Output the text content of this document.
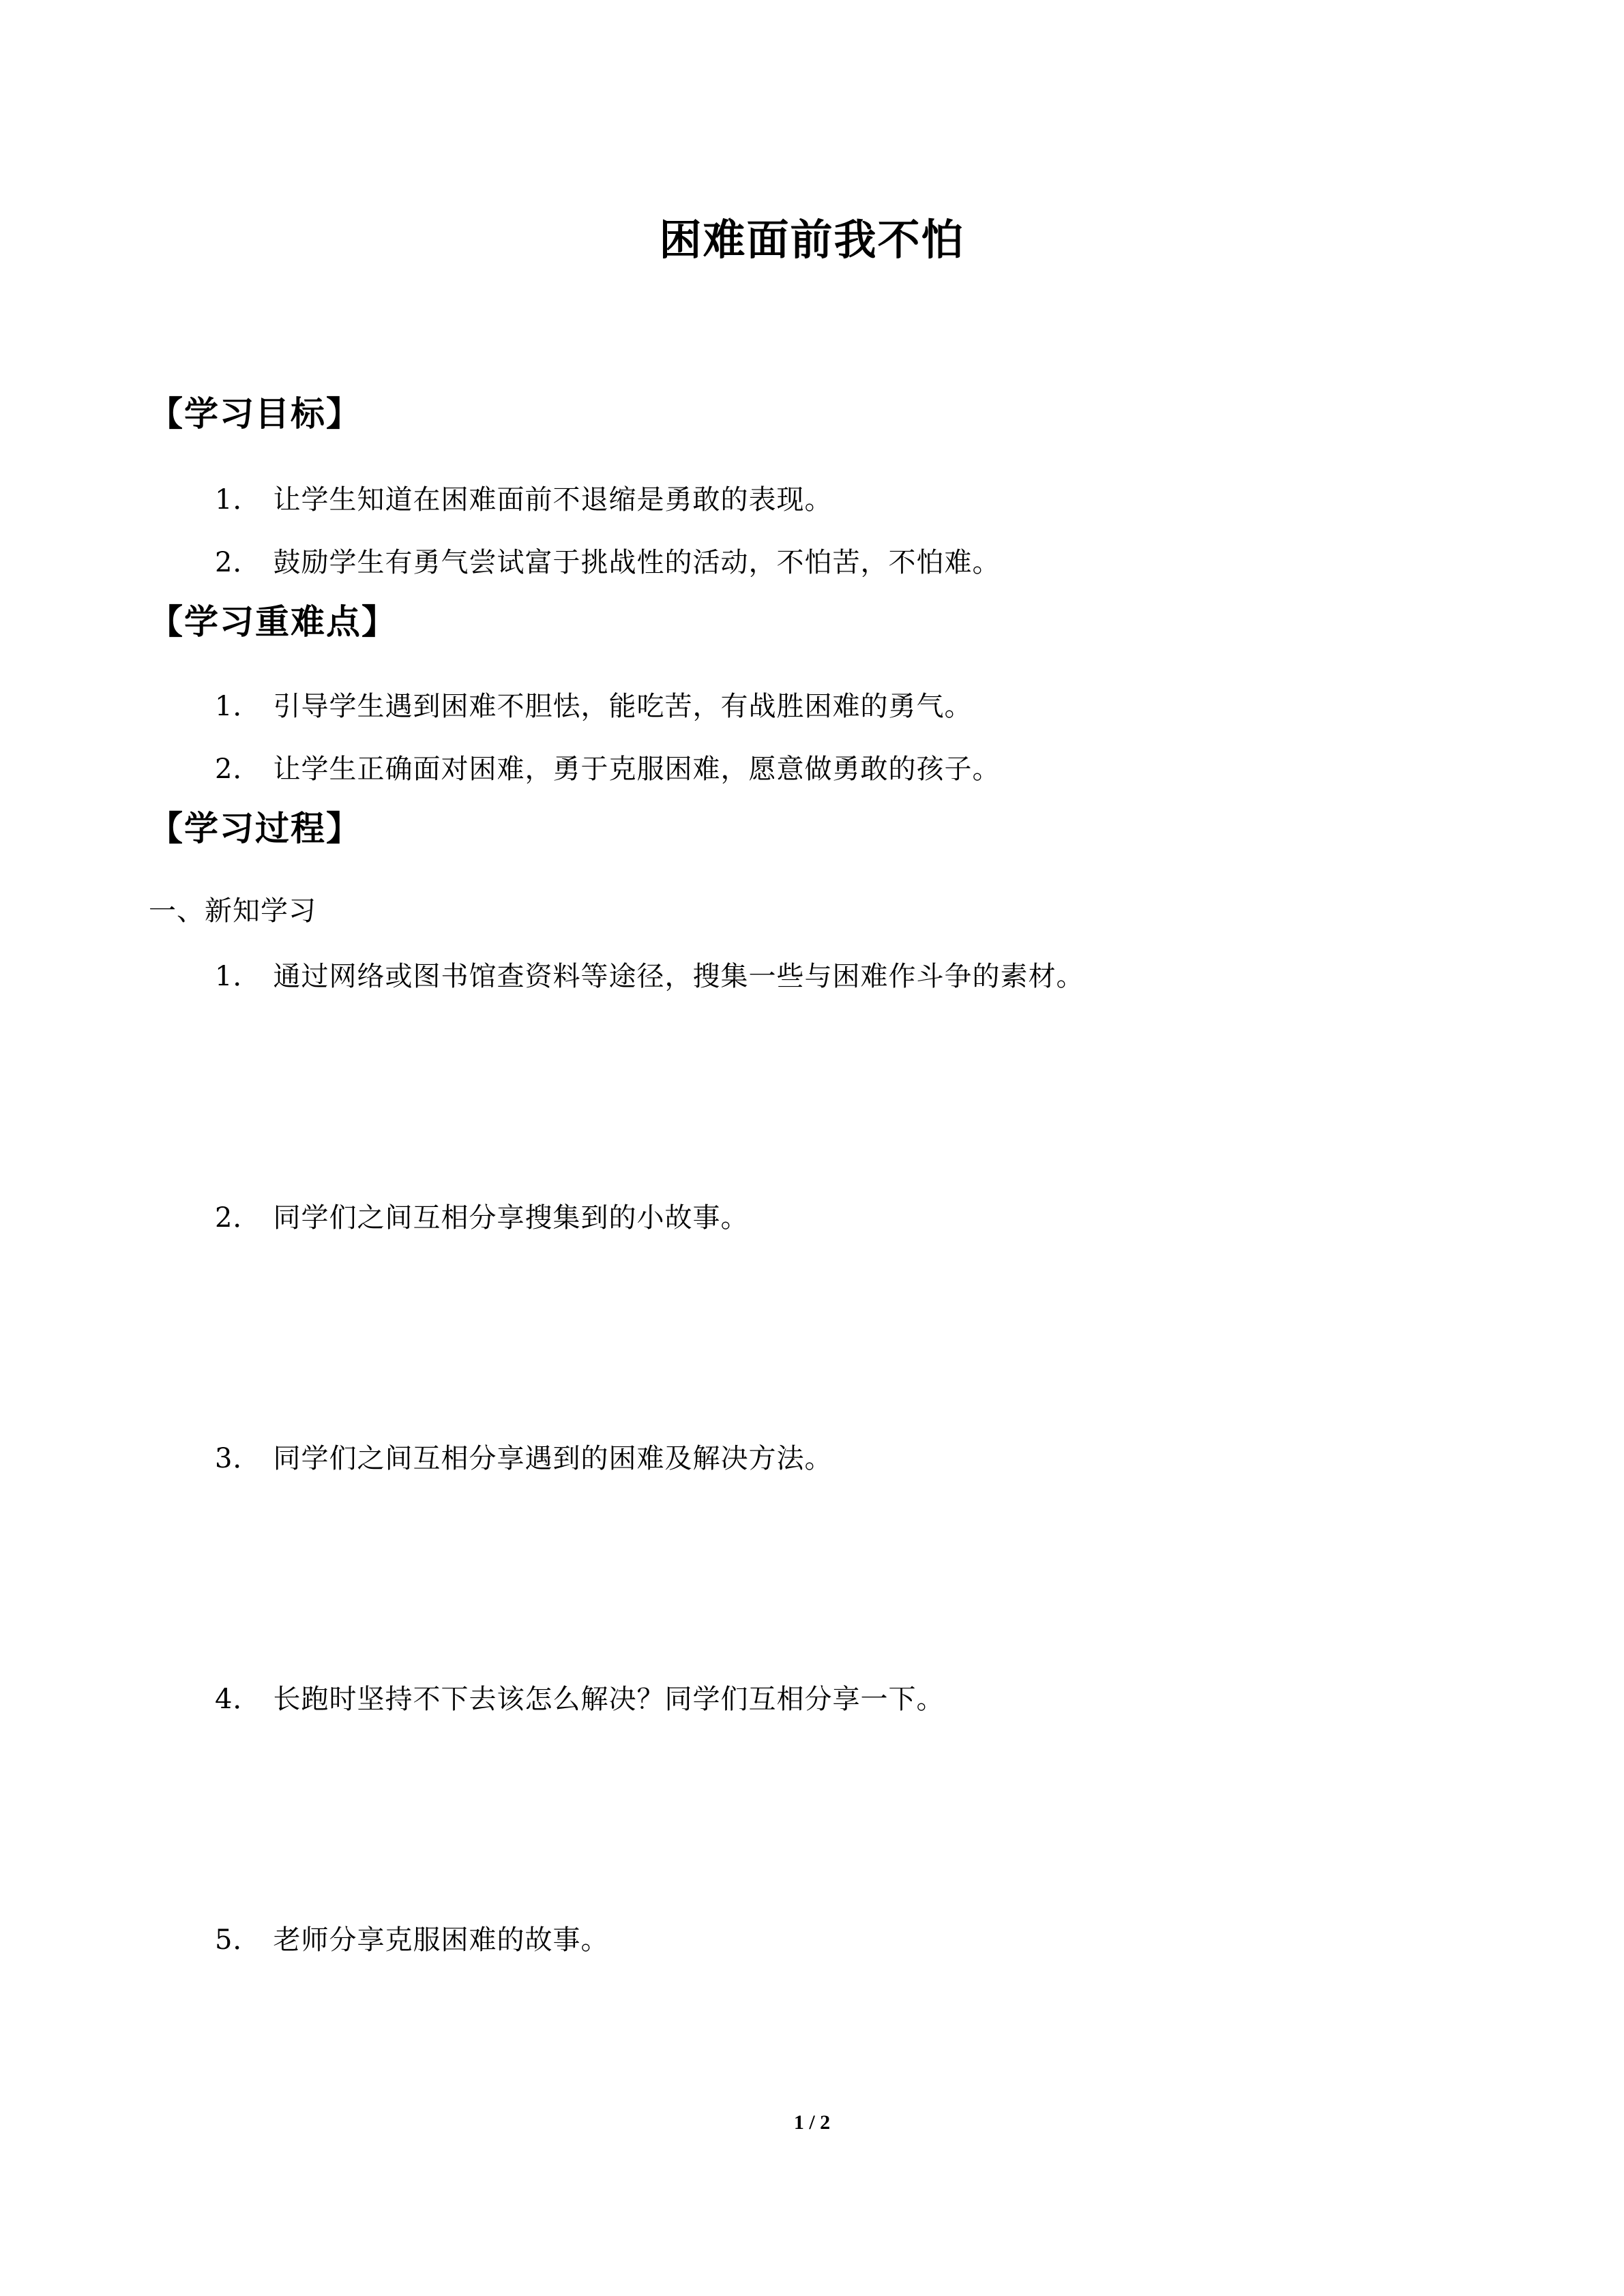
困难面前我不怕
【学习目标】
1． 让学生知道在困难面前不退缩是勇敢的表现。
2． 鼓励学生有勇气尝试富于挑战性的活动，不怕苦，不怕难。
【学习重难点】
1． 引导学生遇到困难不胆怯，能吃苦，有战胜困难的勇气。
2． 让学生正确面对困难，勇于克服困难，愿意做勇敢的孩子。
【学习过程】
一、新知学习
1． 通过网络或图书馆查资料等途径，搜集一些与困难作斗争的素材。
2． 同学们之间互相分享搜集到的小故事。
3． 同学们之间互相分享遇到的困难及解决方法。
4． 长跑时坚持不下去该怎么解决？同学们互相分享一下。
5． 老师分享克服困难的故事。
1 / 2
